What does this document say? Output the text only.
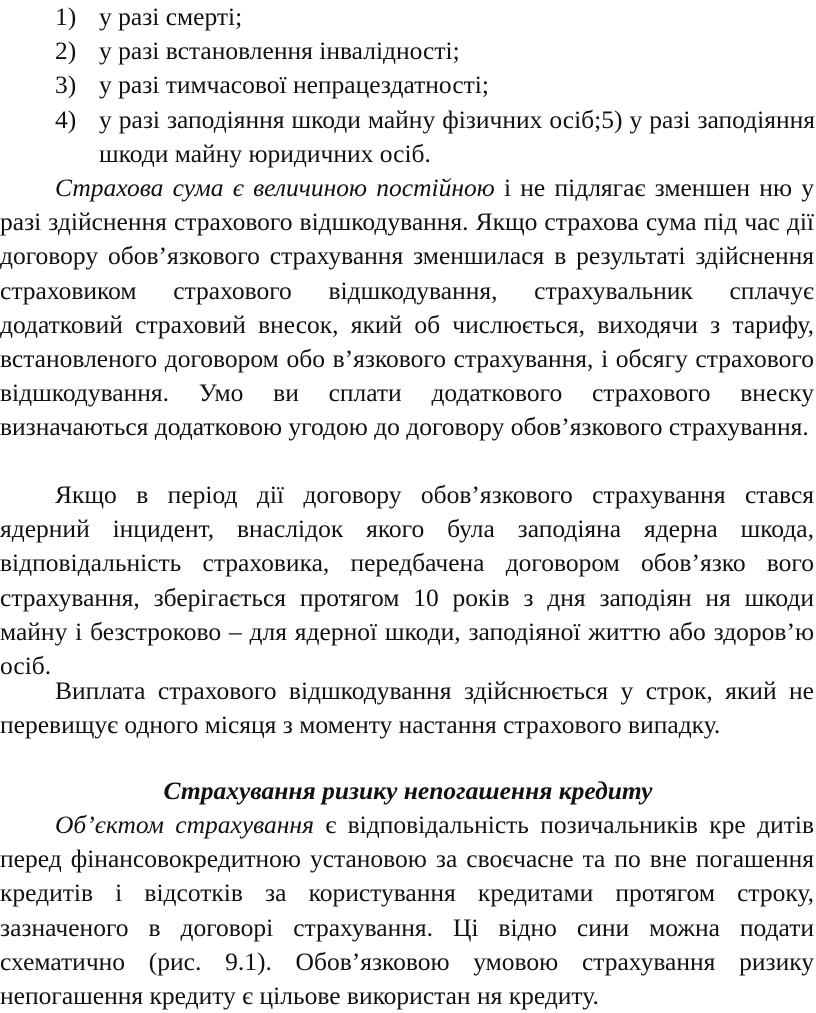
1) у разі смерті;
2) у разі встановлення інвалідності;
3) у разі тимчасової непрацездатності;
4) у разі заподіяння шкоди майну фізичних осіб;5) у разі заподіяння шкоди майну юридичних осіб.
Страхова сума є величиною постійною і не підлягає зменшен ню у разі здійснення страхового відшкодування. Якщо страхова сума під час дії договору обов’язкового страхування зменшилася в результаті здійснення страховиком страхового відшкодування, страхувальник сплачує додатковий страховий внесок, який об числюється, виходячи з тарифу, встановленого договором обо в’язкового страхування, і обсягу страхового відшкодування. Умо ви сплати додаткового страхового внеску визначаються додатковою угодою до договору обов’язкового страхування.
Якщо в період дії договору обов’язкового страхування стався ядерний інцидент, внаслідок якого була заподіяна ядерна шкода, відповідальність страховика, передбачена договором обов’язко вого страхування, зберігається протягом 10 років з дня заподіян ня шкоди майну і безстроково – для ядерної шкоди, заподіяної життю або здоров’ю осіб.
Виплата страхового відшкодування здійснюється у строк, який не перевищує одного місяця з моменту настання страхового випадку.
Страхування ризику непогашення кредиту
Об’єктом страхування є відповідальність позичальників кре дитів перед фінансовокредитною установою за своєчасне та по вне погашення кредитів і відсотків за користування кредитами протягом строку, зазначеного в договорі страхування. Ці відно сини можна подати схематично (рис. 9.1). Обов’язковою умовою страхування ризику непогашення кредиту є цільове використан ня кредиту.
